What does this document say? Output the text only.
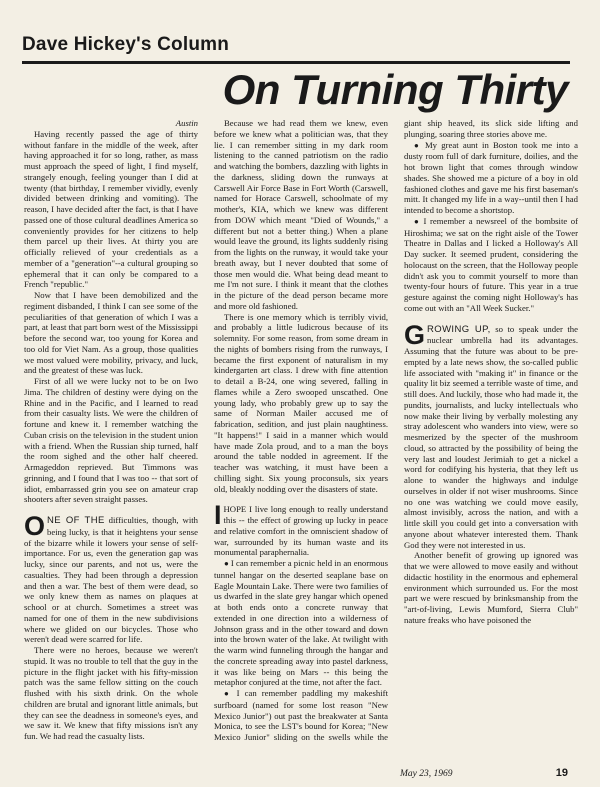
Dave Hickey's Column
On Turning Thirty
Austin

Having recently passed the age of thirty without fanfare in the middle of the week, after having approached it for so long, rather, as mass must approach the speed of light, I find myself, strangely enough, feeling younger than I did at twenty (that birthday, I remember vividly, evenly divided between drinking and vomiting). The reason, I have decided after the fact, is that I have passed one of those cultural deadlines America so conveniently provides for her citizens to help them parcel up their lives. At thirty you are officially relieved of your credentials as a member of a "generation"--a cultural grouping so ephemeral that it can only be compared to a French "republic."

Now that I have been demobilized and the regiment disbanded, I think I can see some of the peculiarities of that generation of which I was a part, at least that part born west of the Mississippi before the second war, too young for Korea and too old for Viet Nam. As a group, those qualities we most valued were mobility, privacy, and luck, and the greatest of these was luck.

First of all we were lucky not to be on Iwo Jima. The children of destiny were dying on the Rhine and in the Pacific, and I learned to read from their casualty lists. We were the children of fortune and knew it. I remember watching the Cuban crisis on the television in the student union with a friend. When the Russian ship turned, half the room sighed and the other half cheered. Armageddon reprieved. But Timmons was grinning, and I found that I was too -- that sort of idiot, embarrassed grin you see on amateur crap shooters after seven straight passes.

ONE OF THE difficulties, though, with being lucky, is that it heightens your sense of the bizarre while it lowers your sense of self-importance. For us, even the generation gap was lucky, since our parents, and not us, were the casualties. They had been through a depression and then a war. The best of them were dead, so we only knew them as names on plaques at school or at church. Sometimes a street was named for one of them in the new subdivisions where we glided on our bicycles. Those who weren't dead were scarred for life.

There were no heroes, because we weren't stupid. It was no trouble to tell that the guy in the picture in the flight jacket with his fifty-mission patch was the same fellow sitting on the couch flushed with his sixth drink. On the whole children are brutal and ignorant little animals, but they can see the deadness in someone's eyes, and we saw it. We knew that fifty missions isn't any fun. We had read the casualty lists.

Because we had read them we knew, even before we knew what a politician was, that they lie. I can remember sitting in my dark room listening to the canned patriotism on the radio and watching the bombers, dazzling with lights in the darkness, sliding down the runways at Carswell Air Force Base in Fort Worth (Carswell, named for Horace Carswell, schoolmate of my mother's, KIA, which we knew was different from DOW which meant "Died of Wounds," a different but not a better thing.) When a plane would leave the ground, its lights suddenly rising from the lights on the runway, it would take your breath away, but I never doubted that some of those men would die. What being dead meant to me I'm not sure. I think it meant that the clothes in the picture of the dead person became more and more old fashioned.

There is one memory which is terribly vivid, and probably a little ludicrous because of its solemnity. For some reason, from some dream in the nights of bombers rising from the runways, I became the first exponent of naturalism in my kindergarten art class. I drew with fine attention to detail a B-24, one wing severed, falling in flames while a Zero swooped unscathed. One young lady, who probably grew up to say the same of Norman Mailer accused me of fabrication, sedition, and just plain naughtiness. "It happens!" I said in a manner which would have made Zola proud, and to a man the boys around the table nodded in agreement. If the teacher was watching, it must have been a chilling sight. Six young proconsuls, six years old, bleakly nodding over the disasters of state.

I HOPE I live long enough to really understand this -- the effect of growing up lucky in peace and relative comfort in the omniscient shadow of war, surrounded by its human waste and its monumental paraphernalia.

● I can remember a picnic held in an enormous tunnel hangar on the deserted seaplane base on Eagle Mountain Lake. There were two families of us dwarfed in the slate grey hangar which opened at both ends onto a concrete runway that extended in one direction into a wilderness of Johnson grass and in the other toward and down into the brown water of the lake. At twilight with the warm wind funneling through the hangar and the concrete spreading away into pastel darkness, it was like being on Mars -- this being the metaphor conjured at the time, not after the fact.

● I can remember paddling my makeshift surfboard (named for some lost reason "New Mexico Junior") out past the breakwater at Santa Monica, to see the LST's bound for Korea; "New Mexico Junior" sliding on the swells while the giant ship heaved, its slick side lifting and plunging, soaring three stories above me.

● My great aunt in Boston took me into a dusty room full of dark furniture, doilies, and the hot brown light that comes through window shades. She showed me a picture of a boy in old fashioned clothes and gave me his first baseman's mitt. It changed my life in a way--until then I had intended to become a shortstop.

● I remember a newsreel of the bombsite of Hiroshima; we sat on the right aisle of the Tower Theatre in Dallas and I licked a Holloway's All Day sucker. It seemed prudent, considering the holocaust on the screen, that the Holloway people didn't ask you to commit yourself to more than twenty-four hours of future. This year in a true gesture against the coming night Holloway's has come out with an "All Week Sucker."

GROWING UP, so to speak under the nuclear umbrella had its advantages. Assuming that the future was about to be pre-empted by a late news show, the so-called public life associated with "making it" in finance or the quality lit biz seemed a terrible waste of time, and still does. And luckily, those who had made it, the pundits, journalists, and lucky intellectuals who now make their living by verbally molesting any stray adolescent who wanders into view, were so mesmerized by the specter of the mushroom cloud, so attracted by the possibility of being the very last and loudest Jerimiah to get a nickel a word for codifying his hysteria, that they left us alone to wander the highways and indulge ourselves in older if not wiser mushrooms. Since no one was watching we could move easily, almost invisibly, across the nation, and with a little skill you could get into a conversation with anyone about whatever interested them. Thank God they were not interested in us.

Another benefit of growing up ignored was that we were allowed to move easily and without didactic hostility in the enormous and ephemeral environment which surrounded us. For the most part we were rescued by brinksmanship from the "art-of-living, Lewis Mumford, Sierra Club" nature freaks who have poisoned the

May 23, 1969	19
